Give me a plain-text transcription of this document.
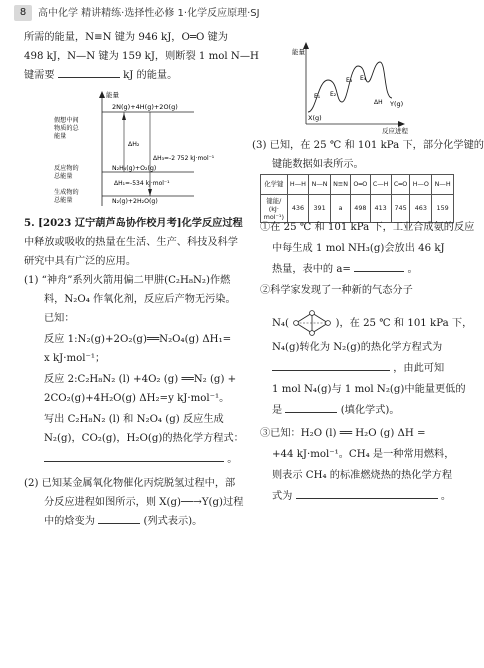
8	高中化学 精讲精练·选择性必修 1·化学反应原理·SJ
所需的能量，N≡N 键为 946 kJ，O═O 键为
498 kJ，N—N 键为 159 kJ，则断裂 1 mol N—H
键需要	kJ 的能量。
能量
2N(g)+4H(g)+2O(g)
N₂H₄(g)+O₂(g)
N₂(g)+2H₂O(g)
ΔH₂
ΔH₃=-2 752 kJ·mol⁻¹
ΔH₁=-534 kJ·mol⁻¹
假想中间
物质的总
能量
反应物的
总能量
生成物的
总能量
5. [2023 辽宁葫芦岛协作校月考]化学反应过程
中释放或吸收的热量在生活、生产、科技及科学
研究中具有广泛的应用。
(1) “神舟”系列火箭用偏二甲肼(C₂H₈N₂)作燃
料，N₂O₄ 作氧化剂，反应后产物无污染。
已知：
反应 1:N₂(g)+2O₂(g)══N₂O₄(g) ΔH₁=
x kJ·mol⁻¹；
反应 2:C₂H₈N₂ (l) +4O₂ (g) ══N₂ (g) +
2CO₂(g)+4H₂O(g) ΔH₂=y kJ·mol⁻¹。
写出 C₂H₈N₂ (l) 和 N₂O₄ (g) 反应生成
N₂(g)，CO₂(g)，H₂O(g)的热化学方程式：
。
(2) 已知某金属氧化物催化丙烷脱氢过程中，部
分反应进程如图所示，则 X(g)──→Y(g)过程
中的焓变为	(列式表示)。
能量
反应进程
X(g)
Y(g)
E₁ E₂
E₃ E₄
ΔH
(3) 已知，在 25 ℃ 和 101 kPa 下，部分化学键的
键能数据如表所示。
化学键	H—H	N—N	N≡N	O═O	C—H	C═O	H—O	N—H
键能/
(kJ·
mol⁻¹)	436	391	a	498	413	745	463	159
①在 25 ℃ 和 101 kPa 下，工业合成氨的反应
中每生成 1 mol NH₃(g)会放出 46 kJ
热量，表中的 a=	。
②科学家发现了一种新的气态分子
N₄(	)，在 25 ℃ 和 101 kPa 下，
N₄(g)转化为 N₂(g)的热化学方程式为
，由此可知
1 mol N₄(g)与 1 mol N₂(g)中能量更低的
是	(填化学式)。
③已知：H₂O (l) ══ H₂O (g) ΔH =
+44 kJ·mol⁻¹。CH₄ 是一种常用燃料，
则表示 CH₄ 的标准燃烧热的热化学方程
式为	。
